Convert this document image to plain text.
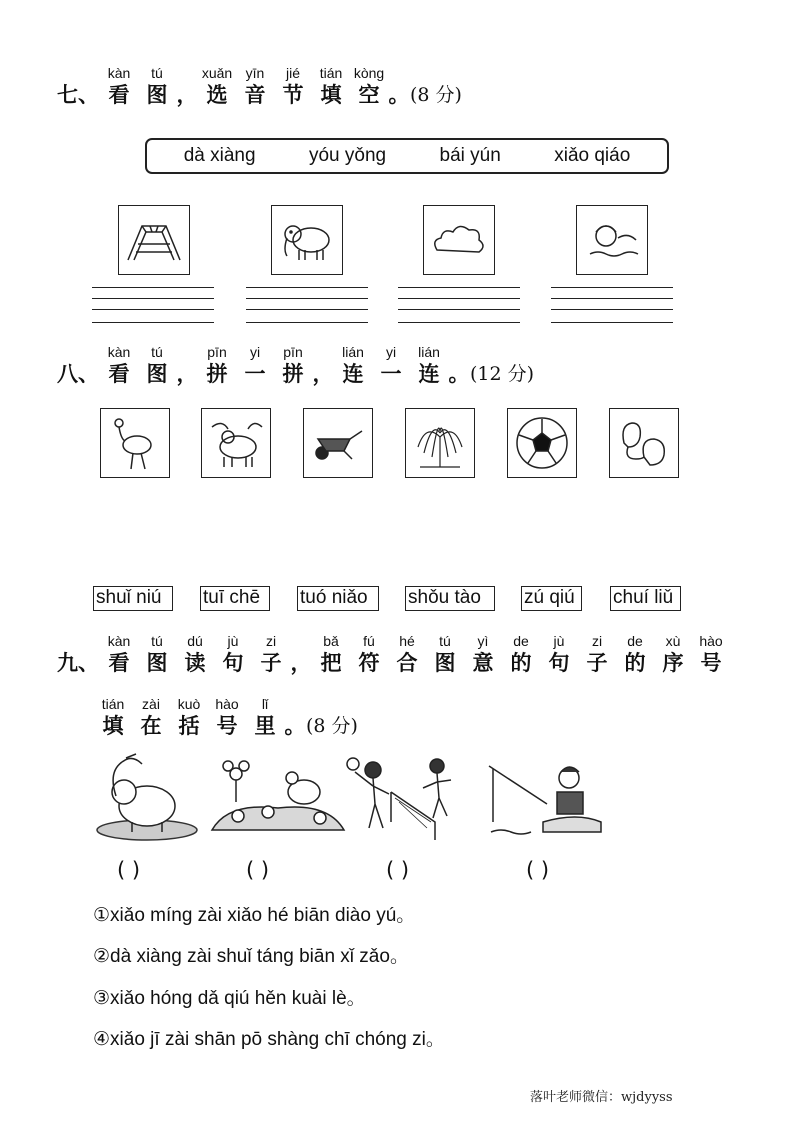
七、
kàn
看
tú
图 ，
xuǎn
选
yīn
音
jié
节
tián
填
kòng
空 。 (8 分)
dà xiàng	yóu yǒng	bái yún	xiǎo qiáo
八、
kàn
看
tú
图 ，
pīn
拼
yi
一
pīn
拼 ，
lián
连
yi
一
lián
连 。 (12 分)
shuǐ niú	tuī chē	tuó niǎo	shǒu tào	zú qiú	chuí liǔ
九、
kàn
看
tú
图
dú
读
jù
句
zi
子 ，
bǎ
把
fú
符
hé
合
tú
图
yì
意
de
的
jù
句
zi
子
de
的
xù
序
hào
号
tián
填
zài
在
kuò
括
hào
号
lǐ
里 。 (8 分)
( )	( )	( )	( )
①xiǎo míng zài xiǎo hé biān diào yú。
②dà xiàng zài shuǐ táng biān xǐ zǎo。
③xiǎo hóng dǎ qiú hěn kuài lè。
④xiǎo jī zài shān pō shàng chī chóng zi。
落叶老师微信：wjdyyss
